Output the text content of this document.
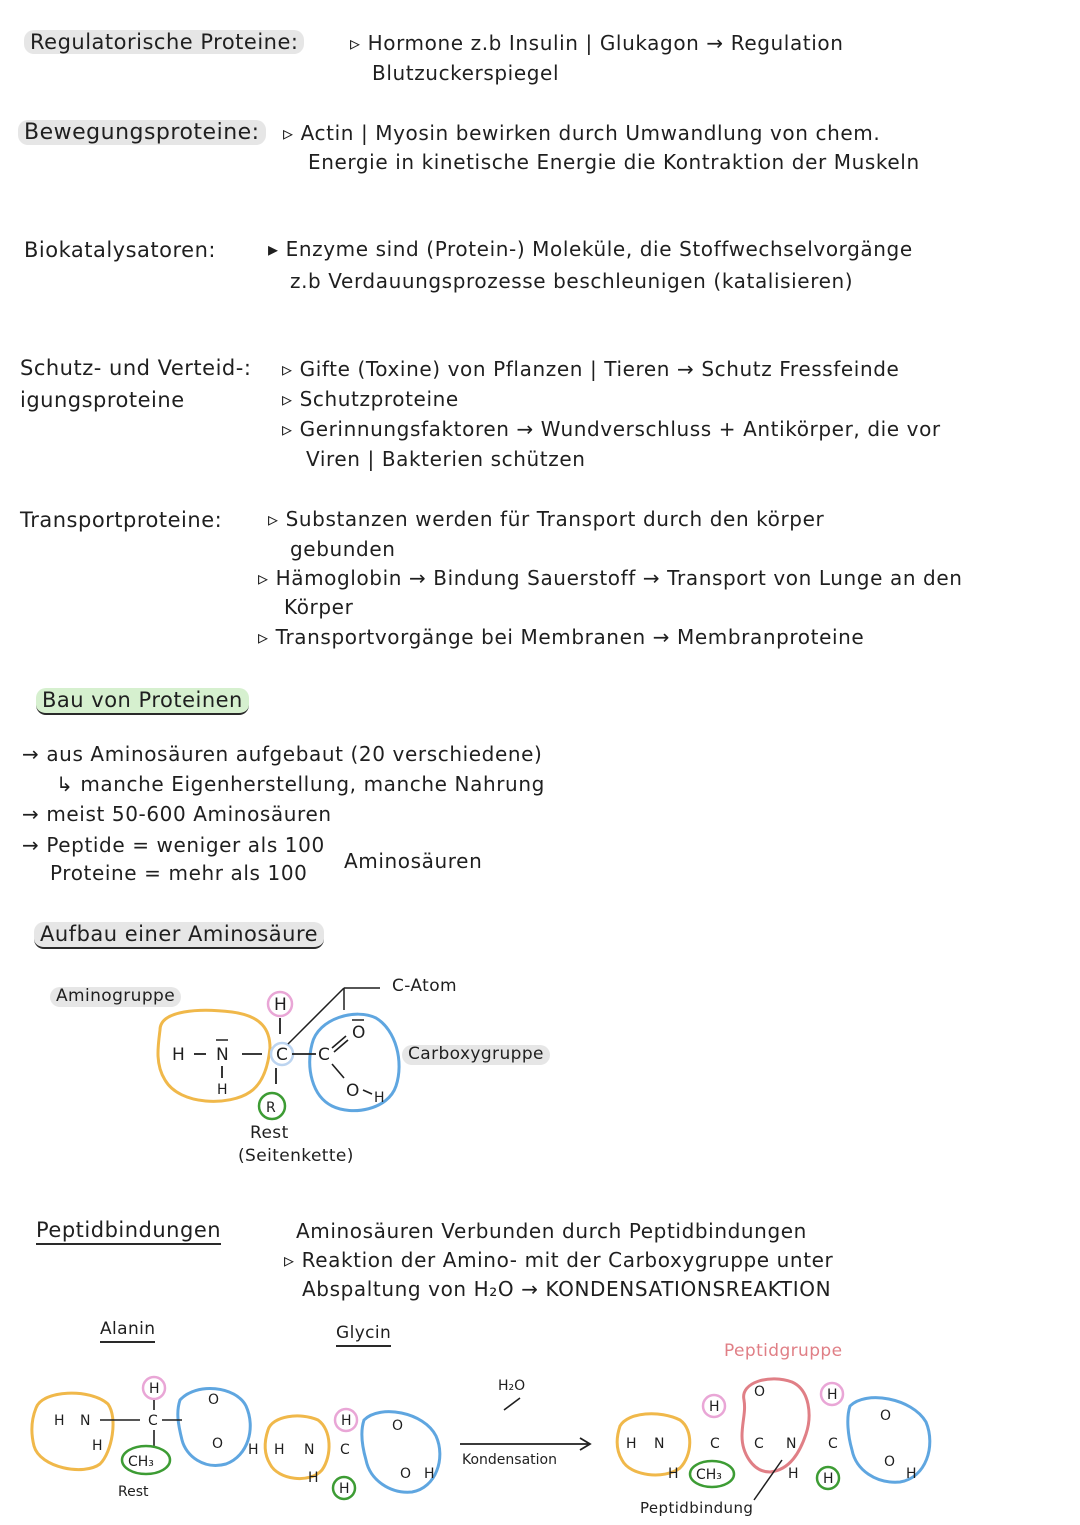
Regulatorische Proteine:	▹ Hormone z.b Insulin | Glukagon → Regulation
Blutzuckerspiegel
Bewegungsproteine:	▹ Actin | Myosin bewirken durch Umwandlung von chem.
Energie in kinetische Energie die Kontraktion der Muskeln
Biokatalysatoren:	▸ Enzyme sind (Protein-) Moleküle, die Stoffwechselvorgänge
z.b Verdauungsprozesse beschleunigen (katalisieren)
Schutz- und Verteid-:
igungsproteine
▹ Gifte (Toxine) von Pflanzen | Tieren → Schutz Fressfeinde
▹ Schutzproteine
▹ Gerinnungsfaktoren → Wundverschluss + Antikörper, die vor
Viren | Bakterien schützen
Transportproteine: ▹ Substanzen werden für Transport durch den körper
gebunden
▹ Hämoglobin → Bindung Sauerstoff → Transport von Lunge an den
Körper
▹ Transportvorgänge bei Membranen → Membranproteine
Bau von Proteinen
→ aus Aminosäuren aufgebaut (20 verschiedene)
↳ manche Eigenherstellung, manche Nahrung
→ meist 50-600 Aminosäuren
→ Peptide = weniger als 100
Proteine = mehr als 100 Aminosäuren
Aufbau einer Aminosäure
H
C
H N
H
R
C
O
O H
Aminogruppe	C-Atom
Carboxygruppe
Rest
(Seitenkette)
Peptidbindungen	Aminosäuren Verbunden durch Peptidbindungen
▹ Reaktion der Amino- mit der Carboxygruppe unter
Abspaltung von H₂O → KONDENSATIONSREAKTION
Alanin	Glycin
Peptidgruppe
H N
H
H
C
CH₃
Rest
O
O H H N
H
H
C
H
O
O H
H₂O
Kondensation
H N
H
H
C
CH₃
O
C N
H
H
C
H
O
O
H
Peptidbindung
